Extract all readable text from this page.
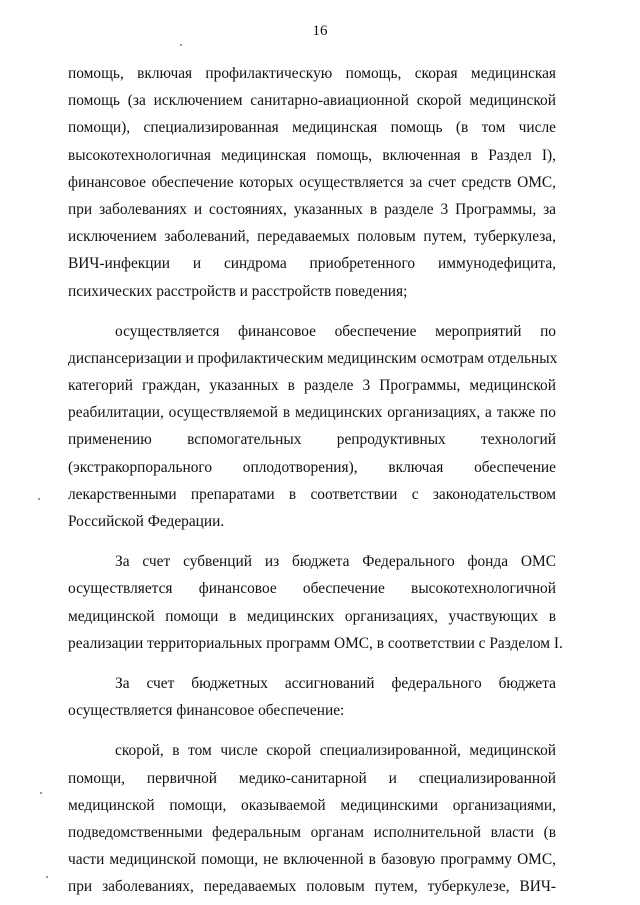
16
помощь, включая профилактическую помощь, скорая медицинская
помощь (за исключением санитарно-авиационной скорой медицинской
помощи), специализированная медицинская помощь (в том числе
высокотехнологичная медицинская помощь, включенная в Раздел I),
финансовое обеспечение которых осуществляется за счет средств ОМС,
при заболеваниях и состояниях, указанных в разделе 3 Программы, за
исключением заболеваний, передаваемых половым путем, туберкулеза,
ВИЧ-инфекции и синдрома приобретенного иммунодефицита,
психических расстройств и расстройств поведения;
осуществляется финансовое обеспечение мероприятий по
диспансеризации и профилактическим медицинским осмотрам отдельных
категорий граждан, указанных в разделе 3 Программы, медицинской
реабилитации, осуществляемой в медицинских организациях, а также по
применению вспомогательных репродуктивных технологий
(экстракорпорального оплодотворения), включая обеспечение
лекарственными препаратами в соответствии с законодательством
Российской Федерации.
За счет субвенций из бюджета Федерального фонда ОМС
осуществляется финансовое обеспечение высокотехнологичной
медицинской помощи в медицинских организациях, участвующих в
реализации территориальных программ ОМС, в соответствии с Разделом I.
За счет бюджетных ассигнований федерального бюджета
осуществляется финансовое обеспечение:
скорой, в том числе скорой специализированной, медицинской
помощи, первичной медико-санитарной и специализированной
медицинской помощи, оказываемой медицинскими организациями,
подведомственными федеральным органам исполнительной власти (в
части медицинской помощи, не включенной в базовую программу ОМС,
при заболеваниях, передаваемых половым путем, туберкулезе, ВИЧ-
